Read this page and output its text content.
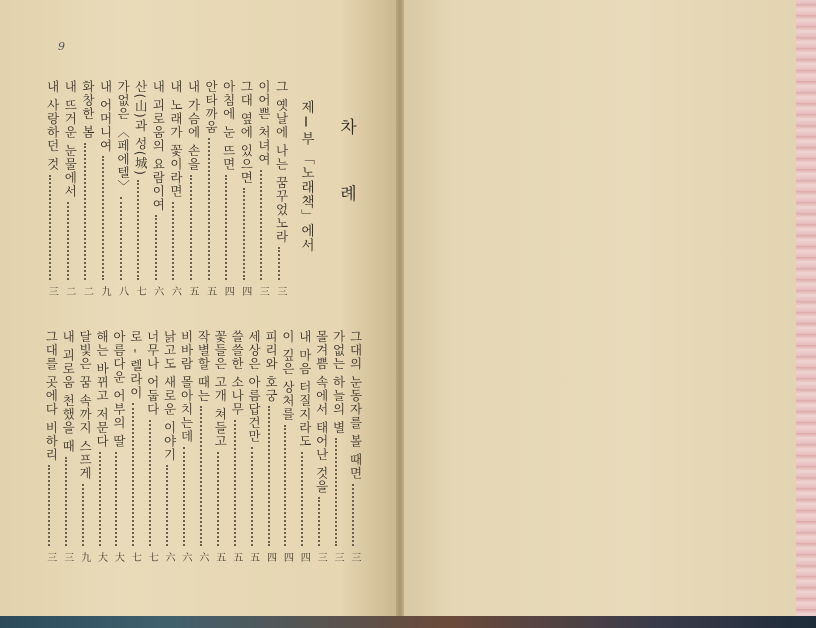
9
차 례
제Ⅰ부 「노래책」에서
그 옛날에 나는 꿈꾸었노라
三
이어쁜 처녀여
三
그대 옆에 있으면
四
아침에 눈 뜨면
四
안타까움
五
내 가슴에 손을
五
내 노래가 꽃이라면
六
내 괴로움의 요람이여
六
산(山)과 성(城)
七
가없은 〈페에텔〉
八
내 어머니여
九
화창한 봄
二
내 뜨거운 눈물에서
二
내 사랑하던 것
三
그대의 눈동자를 볼 때면
三
가없는 하늘의 별
三
몰겨쁨 속에서 태어난 것을
三
내 마음 터질지라도
四
이 깊은 상처를
四
피리와 호궁
四
세상은 아름답건만
五
쓸쓸한 소나무
五
꽃들은 고개 쳐들고
五
작별할 때는
六
비바람 몰아치는데
六
낡고도 새로운 이야기
六
너무나 어둡다
七
로 - 렐라이
七
아름다운 어부의 딸
大
해는 바뀌고 저문다
大
달빛은 꿈 속까지 스프게
九
내 괴로움 천했을 때
三
그대를 곳에다 비하리
三
